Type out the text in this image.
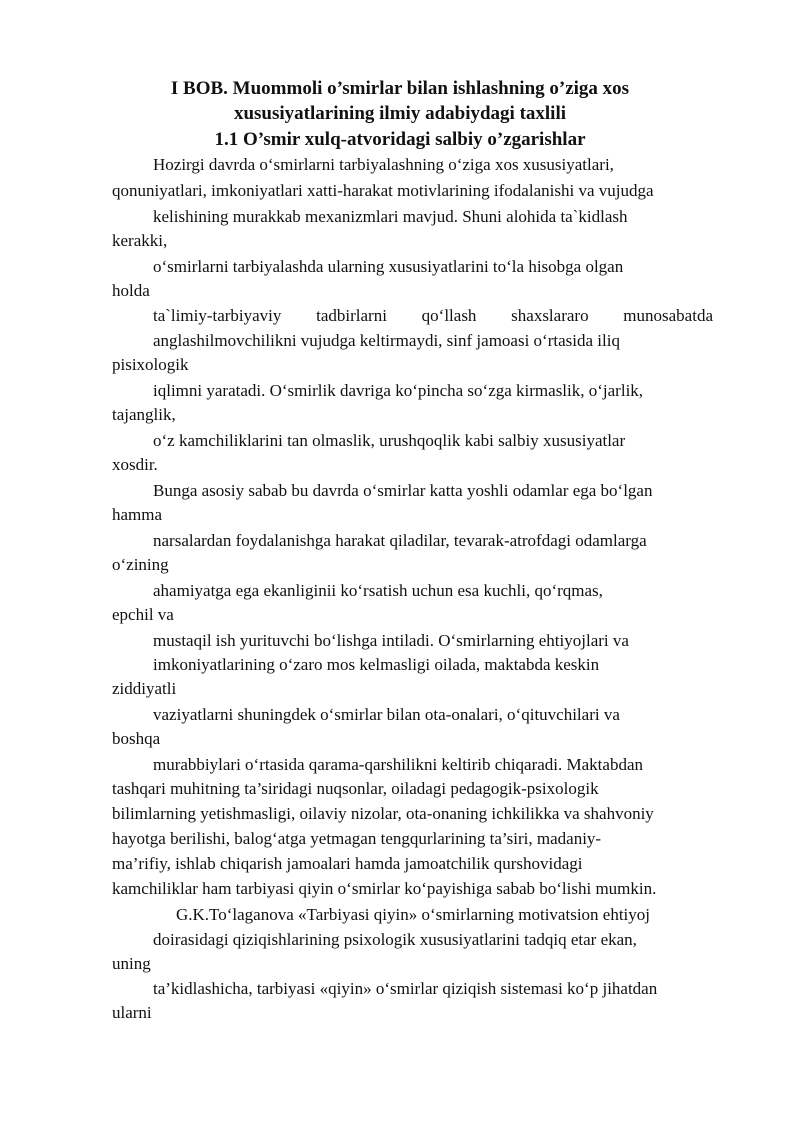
I BOB. Muommoli o’smirlar bilan ishlashning o’ziga xos
xususiyatlarining ilmiy adabiydagi taxlili
1.1 O’smir xulq-atvoridagi salbiy o’zgarishlar
Hozirgi davrda o‘smirlarni tarbiyalashning o‘ziga xos xususiyatlari,
qonuniyatlari, imkoniyatlari xatti-harakat motivlarining ifodalanishi va vujudga
kelishining murakkab mexanizmlari mavjud. Shuni alohida ta`kidlash
kerakki,
o‘smirlarni tarbiyalashda ularning xususiyatlarini to‘la hisobga olgan
holda
ta`limiy-tarbiyaviy tadbirlarni qo‘llash shaxslararo munosabatda
anglashilmovchilikni vujudga keltirmaydi, sinf jamoasi o‘rtasida iliq
pisixologik
iqlimni yaratadi. O‘smirlik davriga ko‘pincha so‘zga kirmaslik, o‘jarlik,
tajanglik,
o‘z kamchiliklarini tan olmaslik, urushqoqlik kabi salbiy xususiyatlar
xosdir.
Bunga asosiy sabab bu davrda o‘smirlar katta yoshli odamlar ega bo‘lgan
hamma
narsalardan foydalanishga harakat qiladilar, tevarak-atrofdagi odamlarga
o‘zining
ahamiyatga ega ekanliginii ko‘rsatish uchun esa kuchli, qo‘rqmas,
epchil va
mustaqil ish yurituvchi bo‘lishga intiladi. O‘smirlarning ehtiyojlari va
imkoniyatlarining o‘zaro mos kelmasligi oilada, maktabda keskin
ziddiyatli
vaziyatlarni shuningdek o‘smirlar bilan ota-onalari, o‘qituvchilari va
boshqa
murabbiylari o‘rtasida qarama-qarshilikni keltirib chiqaradi. Maktabdan
tashqari muhitning ta’siridagi nuqsonlar, oiladagi pedagogik-psixologik
bilimlarning yetishmasligi, oilaviy nizolar, ota-onaning ichkilikka va shahvoniy
hayotga berilishi, balog‘atga yetmagan tengqurlarining ta’siri, madaniy-
ma’rifiy, ishlab chiqarish jamoalari hamda jamoatchilik qurshovidagi
kamchiliklar ham tarbiyasi qiyin o‘smirlar ko‘payishiga sabab bo‘lishi mumkin.
G.K.To‘laganova «Tarbiyasi qiyin» o‘smirlarning motivatsion ehtiyoj
doirasidagi qiziqishlarining psixologik xususiyatlarini tadqiq etar ekan,
uning
ta’kidlashicha, tarbiyasi «qiyin» o‘smirlar qiziqish sistemasi ko‘p jihatdan
ularni
